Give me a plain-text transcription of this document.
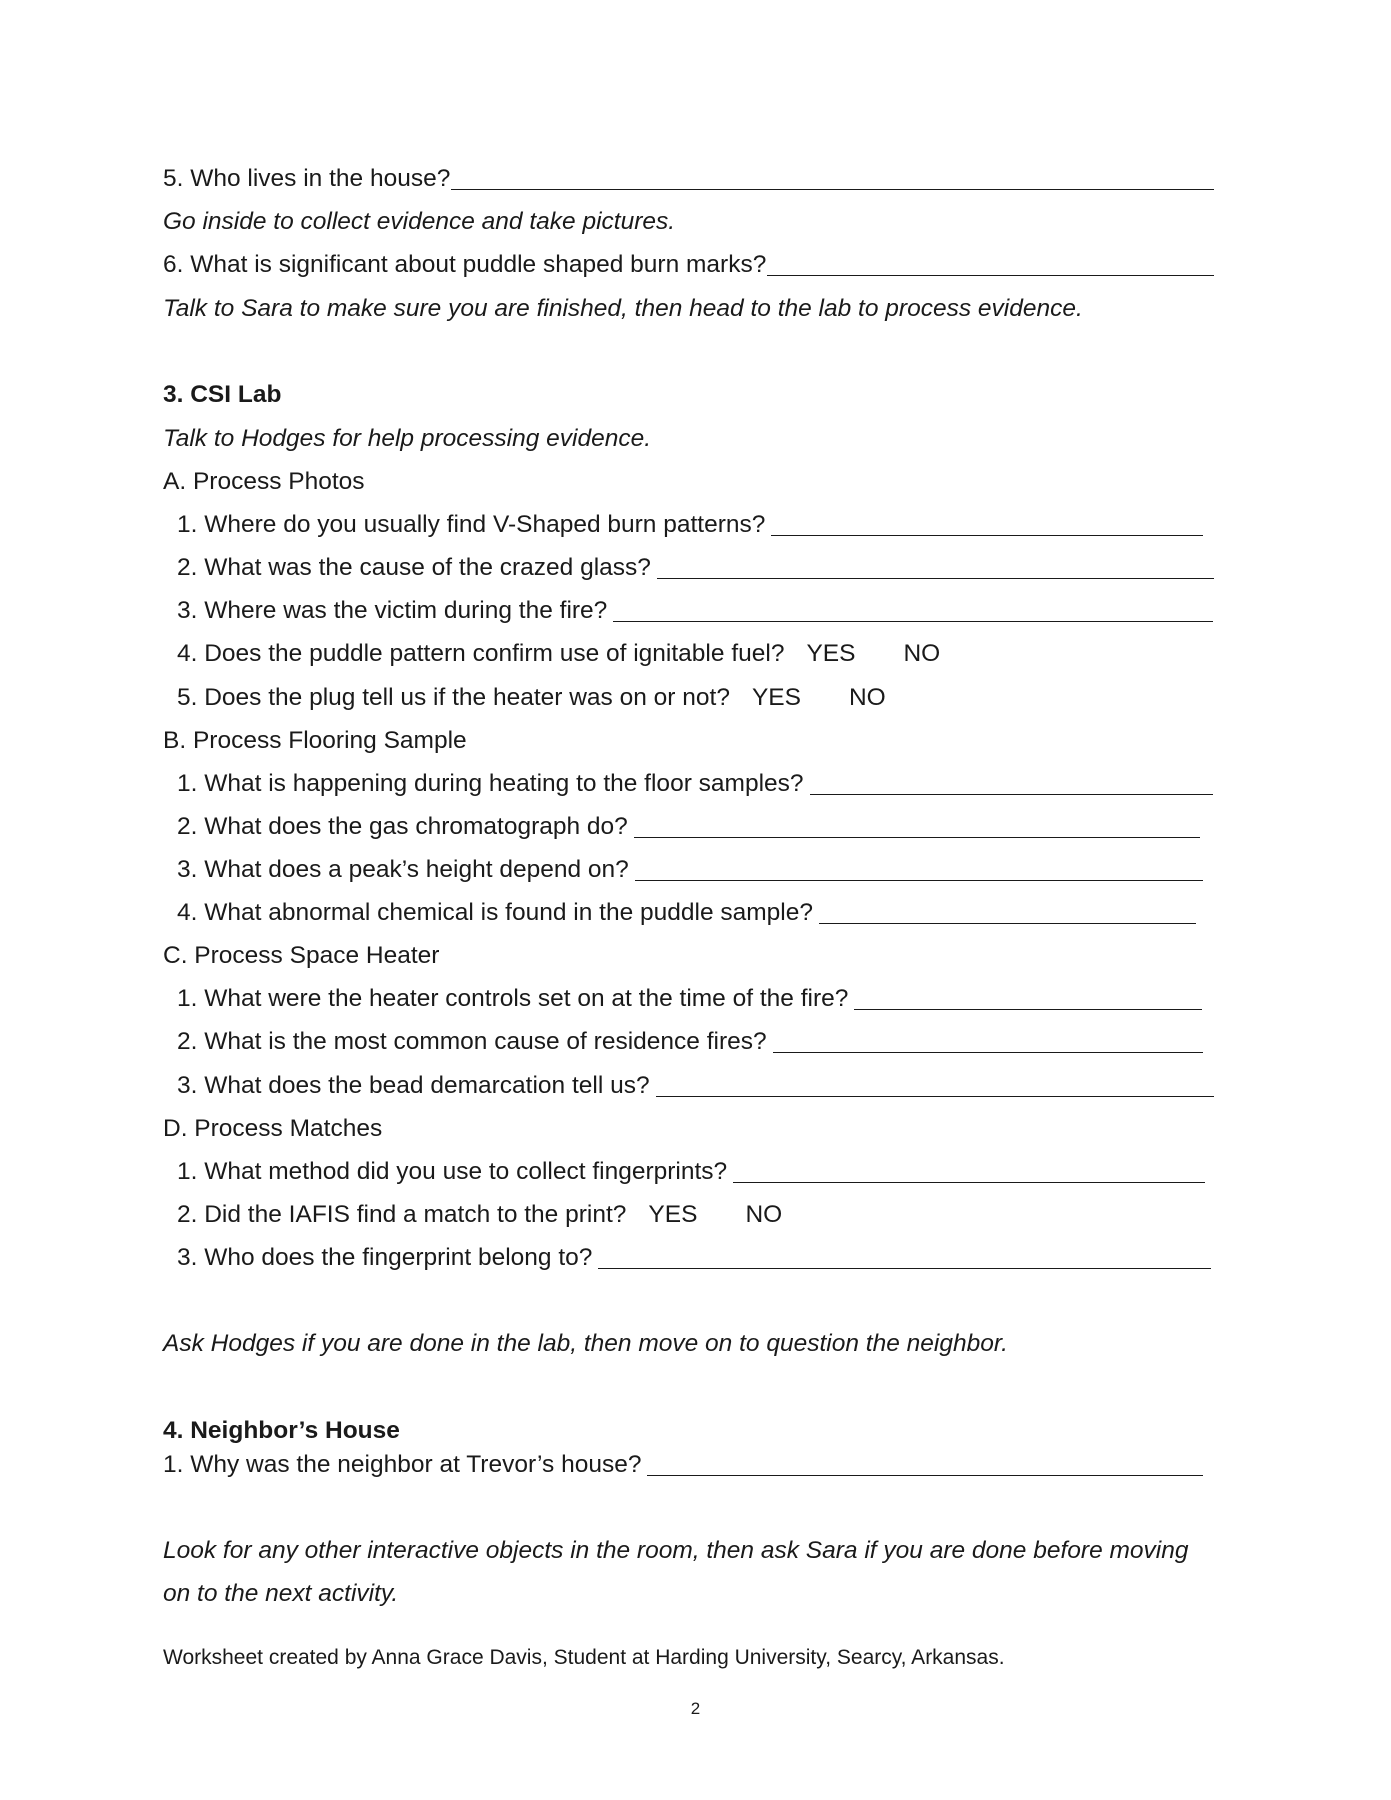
5. Who lives in the house?
Go inside to collect evidence and take pictures.
6. What is significant about puddle shaped burn marks?
Talk to Sara to make sure you are finished, then head to the lab to process evidence.
3. CSI Lab
Talk to Hodges for help processing evidence.
A. Process Photos
1. Where do you usually find V-Shaped burn patterns?
2. What was the cause of the crazed glass?
3. Where was the victim during the fire?
4. Does the puddle pattern confirm use of ignitable fuel? YES NO
5. Does the plug tell us if the heater was on or not? YES NO
B. Process Flooring Sample
1. What is happening during heating to the floor samples?
2. What does the gas chromatograph do?
3. What does a peak’s height depend on?
4. What abnormal chemical is found in the puddle sample?
C. Process Space Heater
1. What were the heater controls set on at the time of the fire?
2. What is the most common cause of residence fires?
3. What does the bead demarcation tell us?
D. Process Matches
1. What method did you use to collect fingerprints?
2. Did the IAFIS find a match to the print? YES NO
3. Who does the fingerprint belong to?
Ask Hodges if you are done in the lab, then move on to question the neighbor.
4. Neighbor’s House
1. Why was the neighbor at Trevor’s house?
Look for any other interactive objects in the room, then ask Sara if you are done before moving
on to the next activity.
Worksheet created by Anna Grace Davis, Student at Harding University, Searcy, Arkansas.
2
